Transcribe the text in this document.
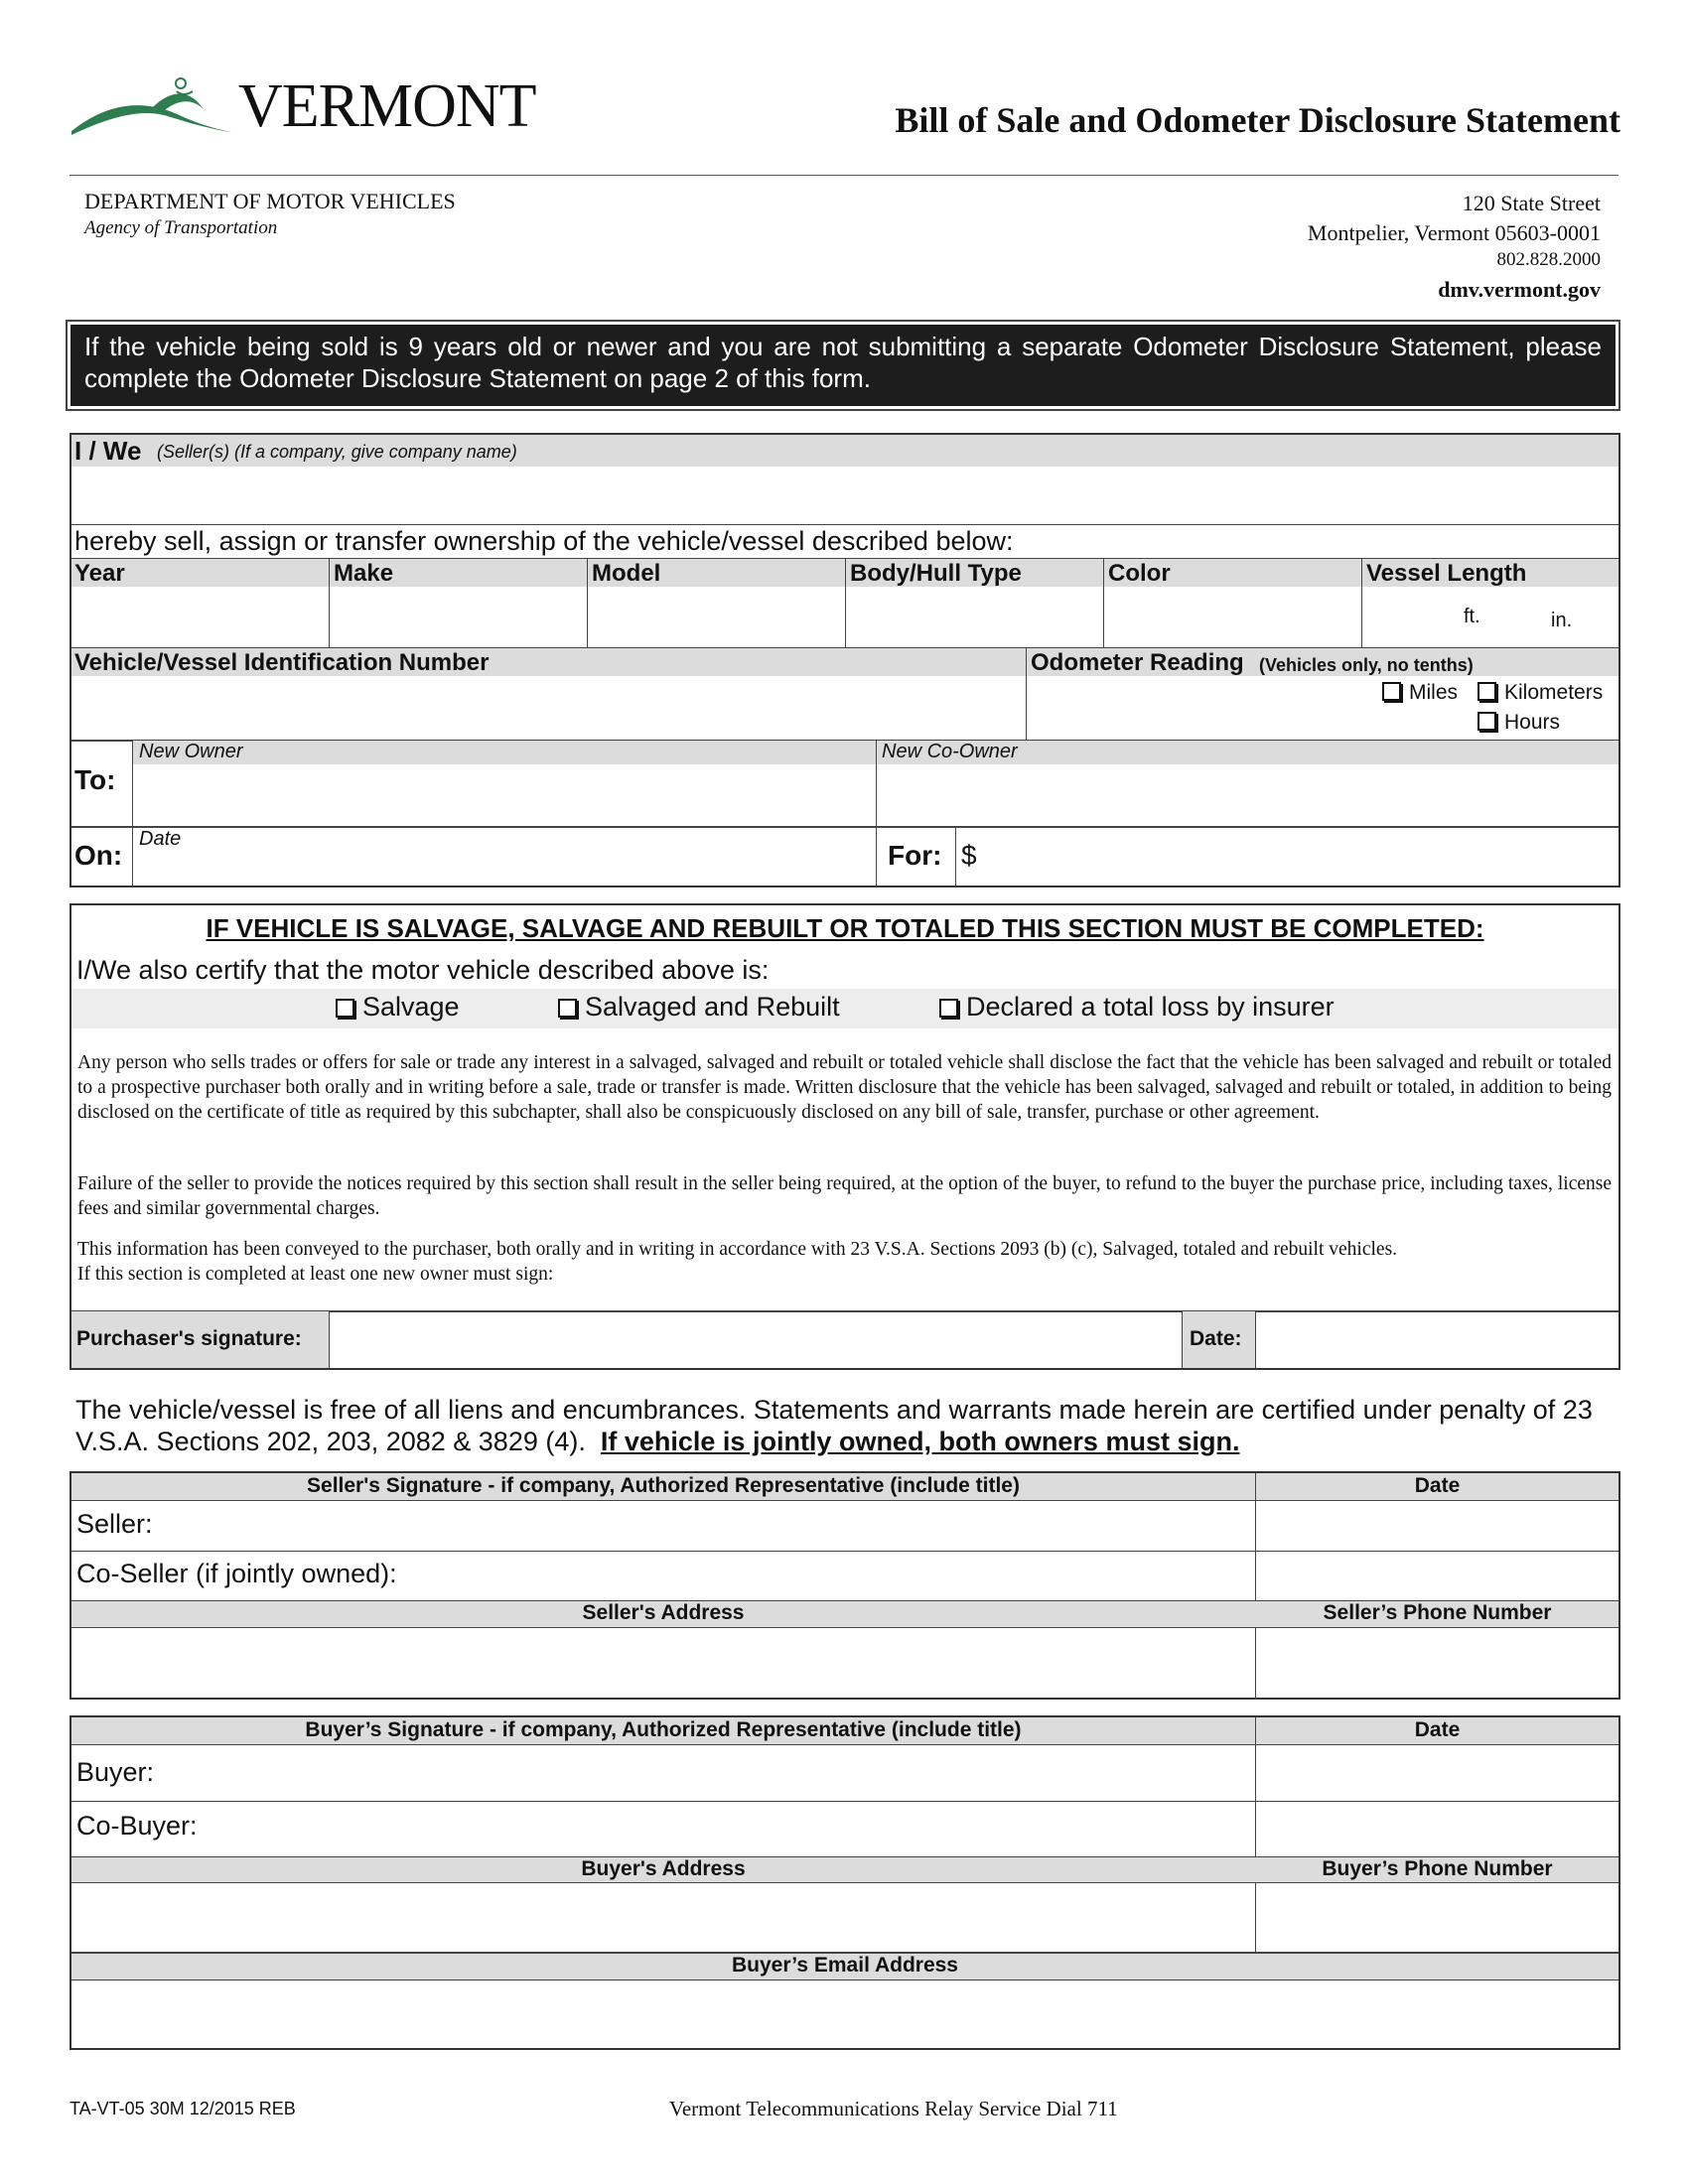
VERMONT	Bill of Sale and Odometer Disclosure Statement
DEPARTMENT OF MOTOR VEHICLES
Agency of Transportation
120 State Street
Montpelier, Vermont 05603-0001
802.828.2000
dmv.vermont.gov
If the vehicle being sold is 9 years old or newer and you are not submitting a separate Odometer Disclosure Statement, please complete the Odometer Disclosure Statement on page 2 of this form.
I / We (Seller(s) (If a company, give company name)
hereby sell, assign or transfer ownership of the vehicle/vessel described below:
Year	Make	Model	Body/Hull Type	Color	Vessel Length
ft.	in.
Vehicle/Vessel Identification Number	Odometer Reading (Vehicles only, no tenths)
Miles	Kilometers
Hours
To:
New Owner	New Co-Owner
On:
Date
For: $
IF VEHICLE IS SALVAGE, SALVAGE AND REBUILT OR TOTALED THIS SECTION MUST BE COMPLETED:
I/We also certify that the motor vehicle described above is:
Salvage	Salvaged and Rebuilt	Declared a total loss by insurer
Any person who sells trades or offers for sale or trade any interest in a salvaged, salvaged and rebuilt or totaled vehicle shall disclose the fact that the vehicle has been salvaged and rebuilt or totaled to a prospective purchaser both orally and in writing before a sale, trade or transfer is made. Written disclosure that the vehicle has been salvaged, salvaged and rebuilt or totaled, in addition to being disclosed on the certificate of title as required by this subchapter, shall also be conspicuously disclosed on any bill of sale, transfer, purchase or other agreement.
Failure of the seller to provide the notices required by this section shall result in the seller being required, at the option of the buyer, to refund to the buyer the purchase price, including taxes, license fees and similar governmental charges.
This information has been conveyed to the purchaser, both orally and in writing in accordance with 23 V.S.A. Sections 2093 (b) (c), Salvaged, totaled and rebuilt vehicles.
If this section is completed at least one new owner must sign:
Purchaser's signature:	Date:
The vehicle/vessel is free of all liens and encumbrances. Statements and warrants made herein are certified under penalty of 23 V.S.A. Sections 202, 203, 2082 & 3829 (4). If vehicle is jointly owned, both owners must sign.
Seller's Signature - if company, Authorized Representative (include title)	Date
Seller:
Co-Seller (if jointly owned):
Seller's Address	Seller’s Phone Number
Buyer’s Signature - if company, Authorized Representative (include title)	Date
Buyer:
Co-Buyer:
Buyer's Address	Buyer’s Phone Number
Buyer’s Email Address
TA-VT-05 30M 12/2015 REB	Vermont Telecommunications Relay Service Dial 711
